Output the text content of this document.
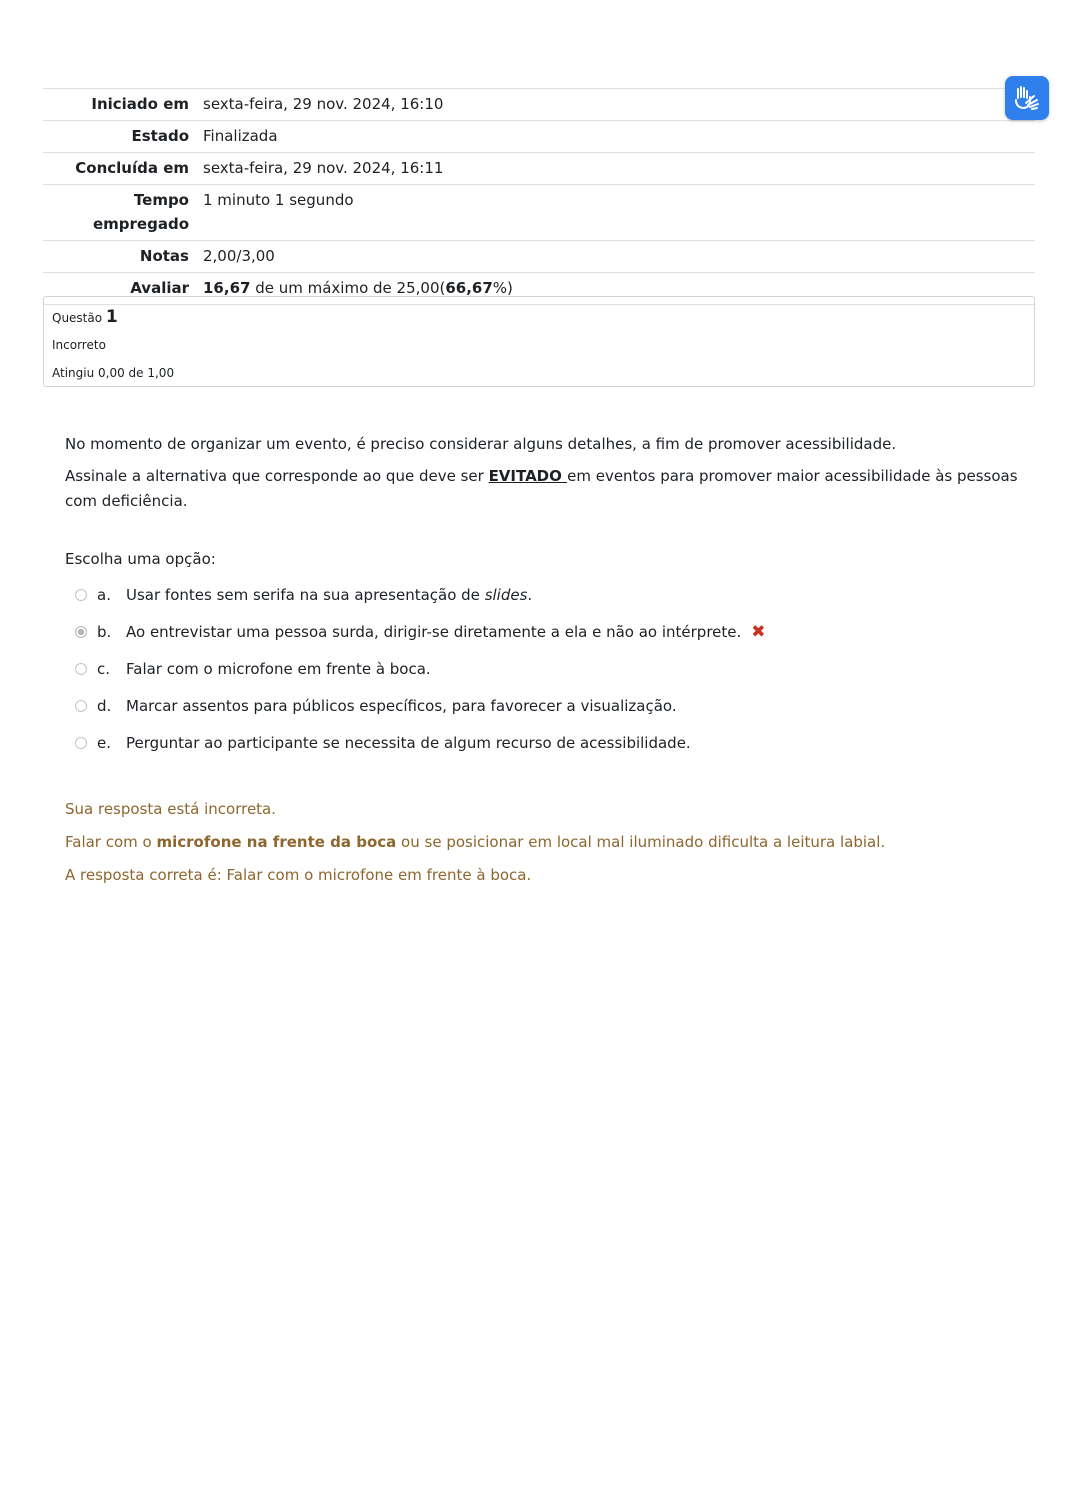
Iniciado em	sexta-feira, 29 nov. 2024, 16:10
Estado	Finalizada
Concluída em	sexta-feira, 29 nov. 2024, 16:11
Tempo empregado	1 minuto 1 segundo
Notas	2,00/3,00
Avaliar	16,67 de um máximo de 25,00(66,67%)
Questão 1
Incorreto
Atingiu 0,00 de 1,00

No momento de organizar um evento, é preciso considerar alguns detalhes, a fim de promover acessibilidade.

Assinale a alternativa que corresponde ao que deve ser EVITADO em eventos para promover maior acessibilidade às pessoas com deficiência.

Escolha uma opção:

a.	Usar fontes sem serifa na sua apresentação de slides.
b. Ao entrevistar uma pessoa surda, dirigir-se diretamente a ela e não ao intérprete. ✖
c.	Falar com o microfone em frente à boca.
d. Marcar assentos para públicos específicos, para favorecer a visualização.
e.	Perguntar ao participante se necessita de algum recurso de acessibilidade.

Sua resposta está incorreta.

Falar com o microfone na frente da boca ou se posicionar em local mal iluminado dificulta a leitura labial.

A resposta correta é: Falar com o microfone em frente à boca.
